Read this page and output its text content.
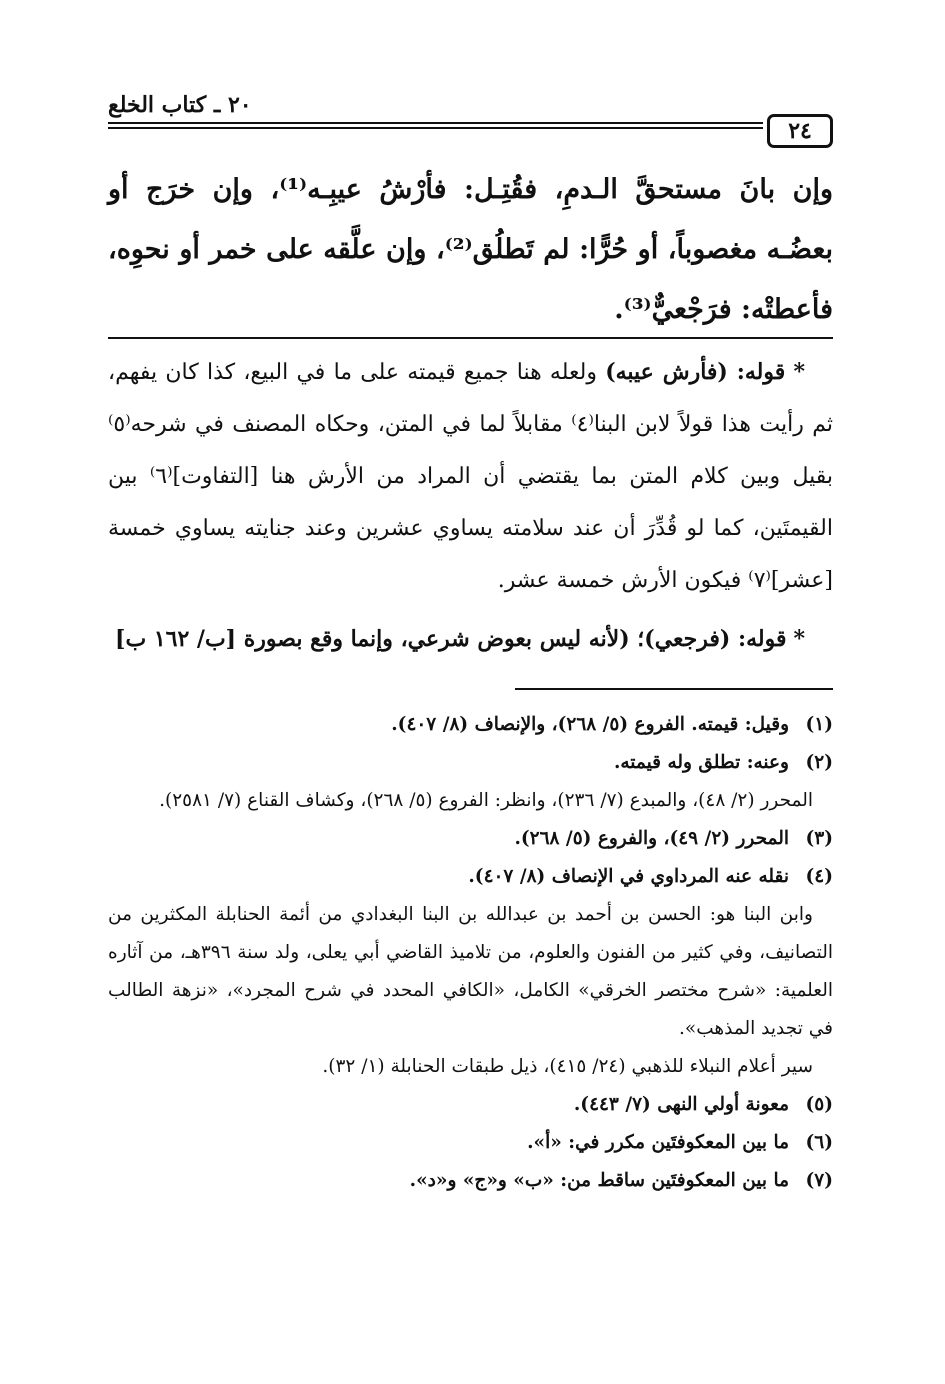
٢٤
٢٠ ـ كتاب الخلع
وإن بانَ مستحقَّ الـدمِ، فقُتِـل: فأرْشُ عيبِـه⁽¹⁾، وإن خرَج أو بعضُـه مغصوباً، أو حُرًّا: لم تَطلُق⁽²⁾، وإن علَّقه على خمر أو نحوِه، فأعطتْه: فرَجْعيٌّ⁽³⁾.

* قوله: (فأرش عيبه) ولعله هنا جميع قيمته على ما في البيع، كذا كان يفهم، ثم رأيت هذا قولاً لابن البنا⁽٤⁾ مقابلاً لما في المتن، وحكاه المصنف في شرحه⁽٥⁾ بقيل وبين كلام المتن بما يقتضي أن المراد من الأرش هنا [التفاوت]⁽٦⁾ بين القيمتَين، كما لو قُدِّرَ أن عند سلامته يساوي عشرين وعند جنايته يساوي خمسة [عشر]⁽٧⁾ فيكون الأرش خمسة عشر.

* قوله: (فرجعي)؛ (لأنه ليس بعوض شرعي، وإنما وقع بصورة [ب/ ١٦٢ ب]

(١)
وقيل: قيمته. الفروع (٥/ ٢٦٨)، والإنصاف (٨/ ٤٠٧).

(٢)
وعنه: تطلق وله قيمته.

المحرر (٢/ ٤٨)، والمبدع (٧/ ٢٣٦)، وانظر: الفروع (٥/ ٢٦٨)، وكشاف القناع (٧/ ٢٥٨١).

(٣)
المحرر (٢/ ٤٩)، والفروع (٥/ ٢٦٨).

(٤)
نقله عنه المرداوي في الإنصاف (٨/ ٤٠٧).

وابن البنا هو: الحسن بن أحمد بن عبدالله بن البنا البغدادي من أئمة الحنابلة المكثرين من التصانيف، وفي كثير من الفنون والعلوم، من تلاميذ القاضي أبي يعلى، ولد سنة ٣٩٦هـ، من آثاره العلمية: «شرح مختصر الخرقي» الكامل، «الكافي المحدد في شرح المجرد»، «نزهة الطالب في تجديد المذهب».

سير أعلام النبلاء للذهبي (٢٤/ ٤١٥)، ذيل طبقات الحنابلة (١/ ٣٢).

(٥)
معونة أولي النهى (٧/ ٤٤٣).

(٦)
ما بين المعكوفتَين مكرر في: «أ».

(٧)
ما بين المعكوفتَين ساقط من: «ب» و«ج» و«د».
